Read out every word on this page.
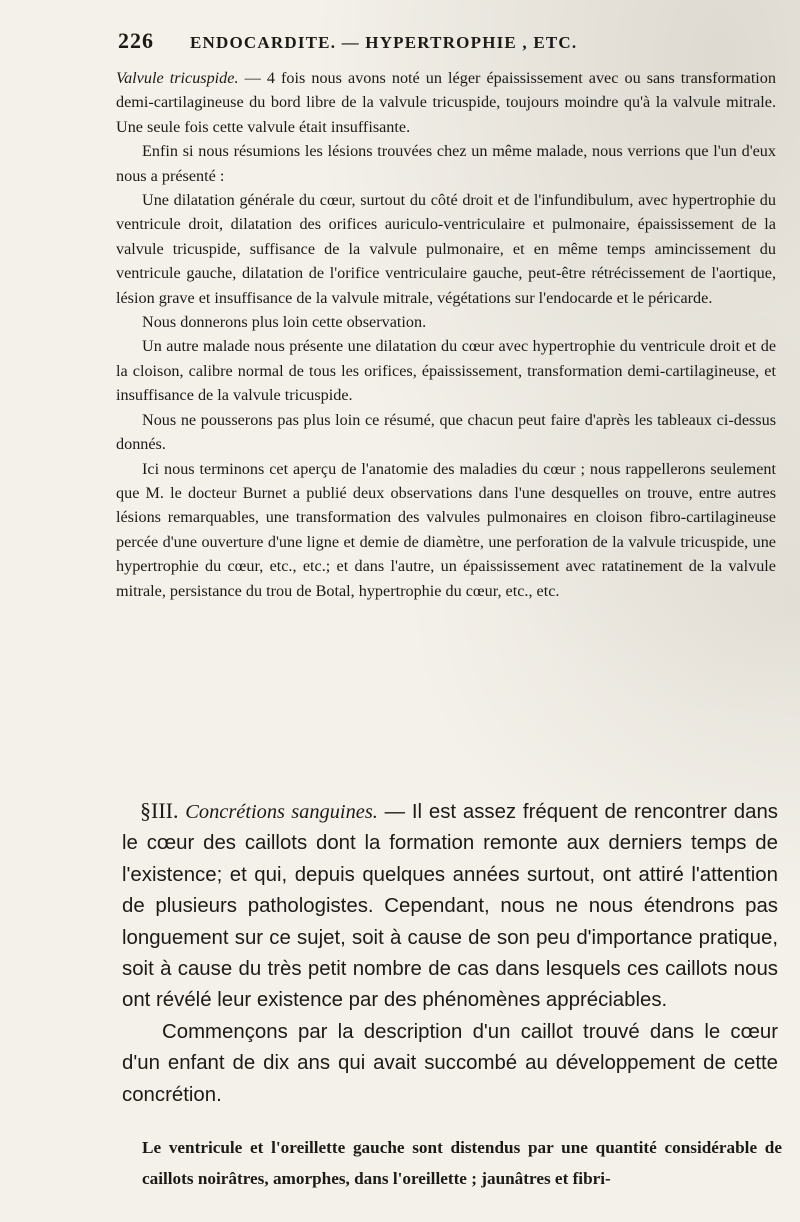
226 ENDOCARDITE. — HYPERTROPHIE , ETC.

Valvule tricuspide. — 4 fois nous avons noté un léger épaississement avec ou sans transformation demi-cartilagineuse du bord libre de la valvule tricuspide, toujours moindre qu'à la valvule mitrale. Une seule fois cette valvule était insuffisante.

Enfin si nous résumions les lésions trouvées chez un même malade, nous verrions que l'un d'eux nous a présenté :

Une dilatation générale du cœur, surtout du côté droit et de l'infundibulum, avec hypertrophie du ventricule droit, dilatation des orifices auriculo-ventriculaire et pulmonaire, épaississement de la valvule tricuspide, suffisance de la valvule pulmonaire, et en même temps amincissement du ventricule gauche, dilatation de l'orifice ventriculaire gauche, peut-être rétrécissement de l'aortique, lésion grave et insuffisance de la valvule mitrale, végétations sur l'endocarde et le péricarde.

Nous donnerons plus loin cette observation.

Un autre malade nous présente une dilatation du cœur avec hypertrophie du ventricule droit et de la cloison, calibre normal de tous les orifices, épaississement, transformation demi-cartilagineuse, et insuffisance de la valvule tricuspide.

Nous ne pousserons pas plus loin ce résumé, que chacun peut faire d'après les tableaux ci-dessus donnés.

Ici nous terminons cet aperçu de l'anatomie des maladies du cœur ; nous rappellerons seulement que M. le docteur Burnet a publié deux observations dans l'une desquelles on trouve, entre autres lésions remarquables, une transformation des valvules pulmonaires en cloison fibro-cartilagineuse percée d'une ouverture d'une ligne et demie de diamètre, une perforation de la valvule tricuspide, une hypertrophie du cœur, etc., etc.; et dans l'autre, un épaississement avec ratatinement de la valvule mitrale, persistance du trou de Botal, hypertrophie du cœur, etc., etc.

§III. Concrétions sanguines. — Il est assez fréquent de rencontrer dans le cœur des caillots dont la formation remonte aux derniers temps de l'existence; et qui, depuis quelques années surtout, ont attiré l'attention de plusieurs pathologistes. Cependant, nous ne nous étendrons pas longuement sur ce sujet, soit à cause de son peu d'importance pratique, soit à cause du très petit nombre de cas dans lesquels ces caillots nous ont révélé leur existence par des phénomènes appréciables.

Commençons par la description d'un caillot trouvé dans le cœur d'un enfant de dix ans qui avait succombé au développement de cette concrétion.

Le ventricule et l'oreillette gauche sont distendus par une quantité considérable de caillots noirâtres, amorphes, dans l'oreillette ; jaunâtres et fibri-
